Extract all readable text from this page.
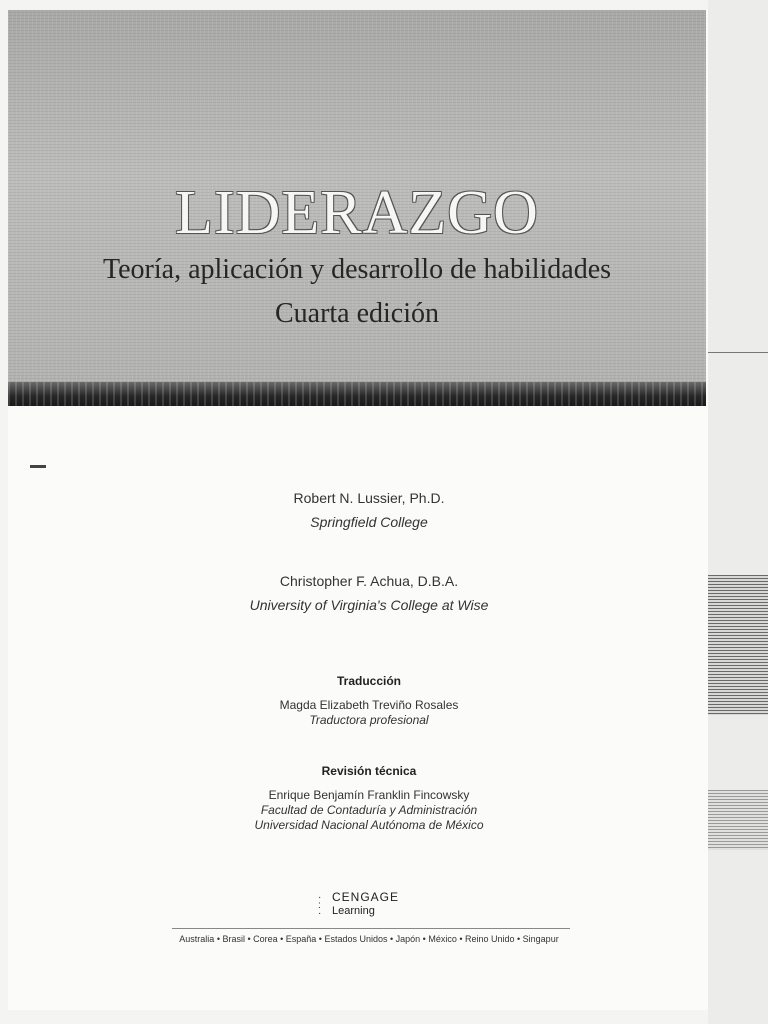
LIDERAZGO
Teoría, aplicación y desarrollo de habilidades
Cuarta edición
Robert N. Lussier, Ph.D.
Springfield College
Christopher F. Achua, D.B.A.
University of Virginia's College at Wise
Traducción
Magda Elizabeth Treviño Rosales
Traductora profesional
Revisión técnica
Enrique Benjamín Franklin Fincowsky
Facultad de Contaduría y Administración
Universidad Nacional Autónoma de México
·
:
·
CENGAGE
Learning
Australia • Brasil • Corea • España • Estados Unidos • Japón • México • Reino Unido • Singapur
